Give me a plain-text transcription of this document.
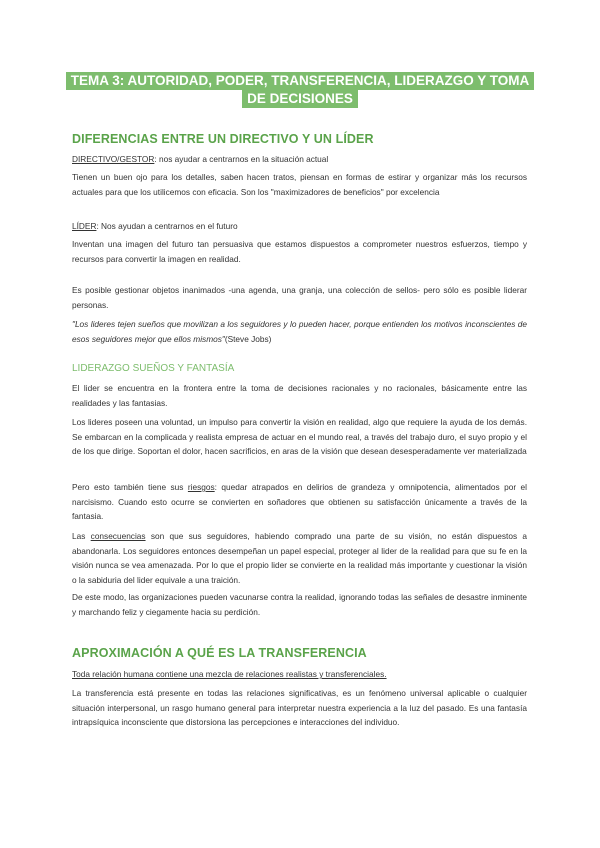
TEMA 3: AUTORIDAD, PODER, TRANSFERENCIA, LIDERAZGO Y TOMA
DE DECISIONES
DIFERENCIAS ENTRE UN DIRECTIVO Y UN LÍDER
DIRECTIVO/GESTOR: nos ayudar a centrarnos en la situación actual
Tienen un buen ojo para los detalles, saben hacen tratos, piensan en formas de estirar y organizar más los recursos actuales para que los utilicemos con eficacia. Son los "maximizadores de beneficios" por excelencia
LÍDER: Nos ayudan a centrarnos en el futuro
Inventan una imagen del futuro tan persuasiva que estamos dispuestos a comprometer nuestros esfuerzos, tiempo y recursos para convertir la imagen en realidad.
Es posible gestionar objetos inanimados -una agenda, una granja, una colección de sellos- pero sólo es posible liderar personas.
"Los lideres tejen sueños que movilizan a los seguidores y lo pueden hacer, porque entienden los motivos inconscientes de esos seguidores mejor que ellos mismos"(Steve Jobs)
LIDERAZGO SUEÑOS Y FANTASÍA
El lider se encuentra en la frontera entre la toma de decisiones racionales y no racionales, básicamente entre las realidades y las fantasias.
Los lideres poseen una voluntad, un impulso para convertir la visión en realidad, algo que requiere la ayuda de los demás. Se embarcan en la complicada y realista empresa de actuar en el mundo real, a través del trabajo duro, el suyo propio y el de los que dirige. Soportan el dolor, hacen sacrificios, en aras de la visión que desean desesperadamente ver materializada
Pero esto también tiene sus riesgos: quedar atrapados en delirios de grandeza y omnipotencia, alimentados por el narcisismo. Cuando esto ocurre se convierten en soñadores que obtienen su satisfacción únicamente a través de la fantasia.
Las consecuencias son que sus seguidores, habiendo comprado una parte de su visión, no están dispuestos a abandonarla. Los seguidores entonces desempeñan un papel especial, proteger al lider de la realidad para que su fe en la visión nunca se vea amenazada. Por lo que el propio lider se convierte en la realidad más importante y cuestionar la visión o la sabiduria del lider equivale a una traición.
De este modo, las organizaciones pueden vacunarse contra la realidad, ignorando todas las señales de desastre inminente y marchando feliz y ciegamente hacia su perdición.
APROXIMACIÓN A QUÉ ES LA TRANSFERENCIA
Toda relación humana contiene una mezcla de relaciones realistas y transferenciales.
La transferencia está presente en todas las relaciones significativas, es un fenómeno universal aplicable o cualquier situación interpersonal, un rasgo humano general para interpretar nuestra experiencia a la luz del pasado. Es una fantasía intrapsíquica inconsciente que distorsiona las percepciones e interacciones del individuo.
